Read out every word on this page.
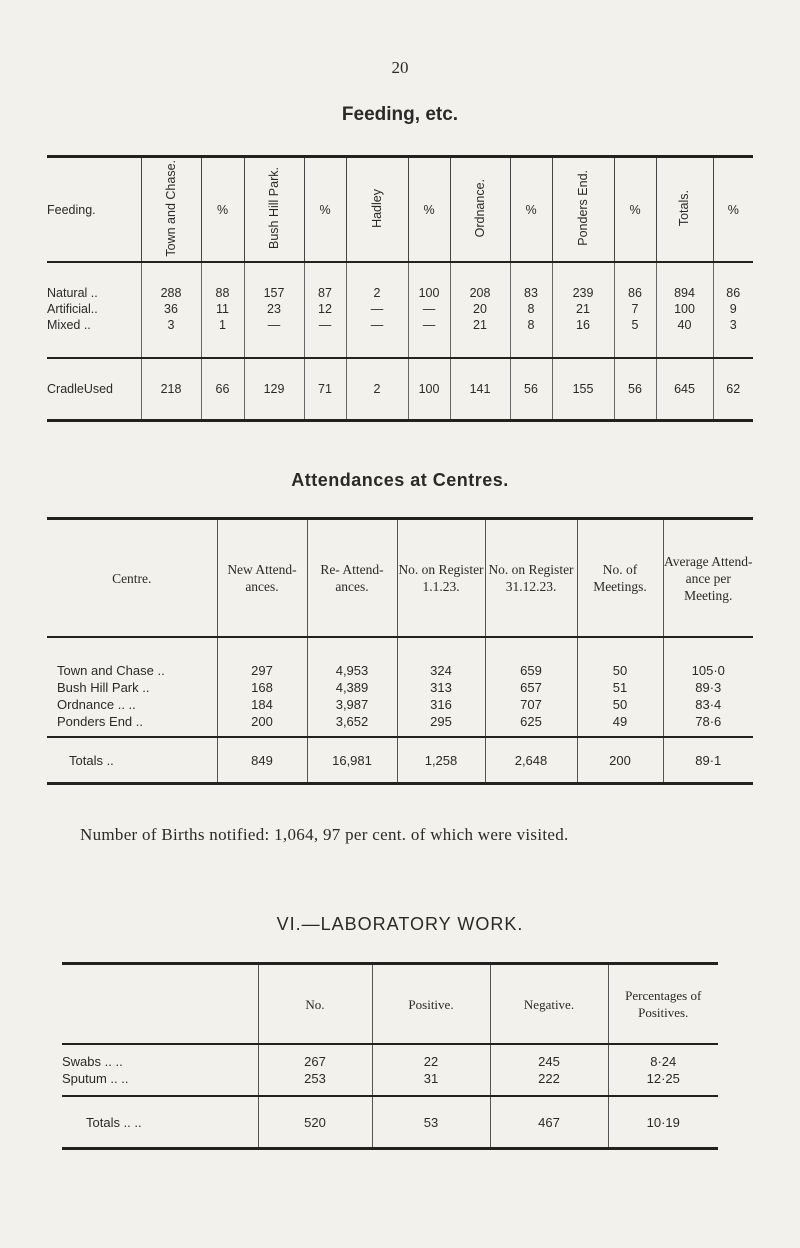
20
Feeding, etc.
Feeding.	Town and Chase.	%	Bush Hill Park.	%	Hadley	%	Ordnance.	%	Ponders End.	%	Totals.	%
Natural ..	288	88	157	87	2	100	208	83	239	86	894	86
Artificial..	36	11	23	12	—	—	20	8	21	7	100	9
Mixed ..	3	1	—	—	—	—	21	8	16	5	40	3

CradleUsed	218	66	129	71	2	100	141	56	155	56	645	62
Attendances at Centres.
Centre.	New Attend- ances.	Re- Attend- ances.	No. on Register 1.1.23.	No. on Register 31.12.23.	No. of Meetings.	Average Attend- ance per Meeting.
Town and Chase ..	297	4,953	324	659	50	105·0
Bush Hill Park ..	168	4,389	313	657	51	89·3
Ordnance .. ..	184	3,987	316	707	50	83·4
Ponders End ..	200	3,652	295	625	49	78·6
Totals ..	849	16,981	1,258	2,648	200	89·1
Number of Births notified: 1,064, 97 per cent. of which were visited.
VI.—LABORATORY WORK.
	No.	Positive.	Negative.	Percentages of Positives.
Swabs .. ..	267	22	245	8·24
Sputum .. ..	253	31	222	12·25
Totals .. ..	520	53	467	10·19
